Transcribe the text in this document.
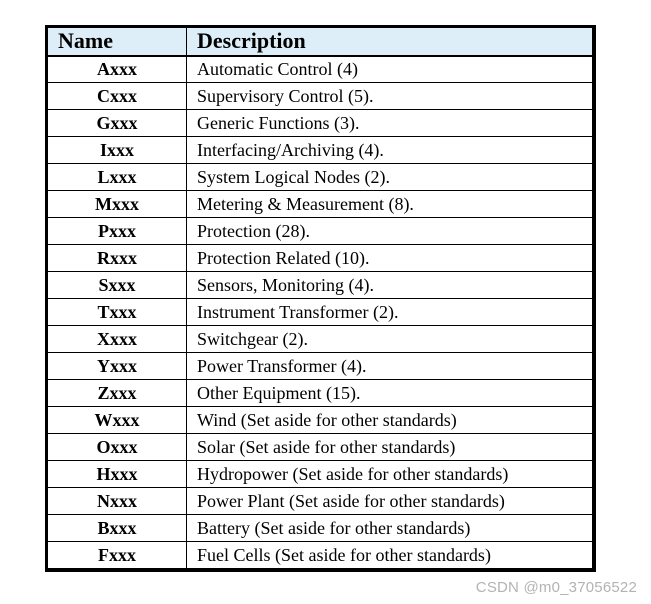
Name	Description
Axxx	Automatic Control (4)
Cxxx	Supervisory Control (5).
Gxxx	Generic Functions (3).
Ixxx	Interfacing/Archiving (4).
Lxxx	System Logical Nodes (2).
Mxxx	Metering & Measurement (8).
Pxxx	Protection (28).
Rxxx	Protection Related (10).
Sxxx	Sensors, Monitoring (4).
Txxx	Instrument Transformer (2).
Xxxx	Switchgear (2).
Yxxx	Power Transformer (4).
Zxxx	Other Equipment (15).
Wxxx	Wind (Set aside for other standards)
Oxxx	Solar (Set aside for other standards)
Hxxx	Hydropower (Set aside for other standards)
Nxxx	Power Plant (Set aside for other standards)
Bxxx	Battery (Set aside for other standards)
Fxxx	Fuel Cells (Set aside for other standards)
CSDN @m0_37056522
